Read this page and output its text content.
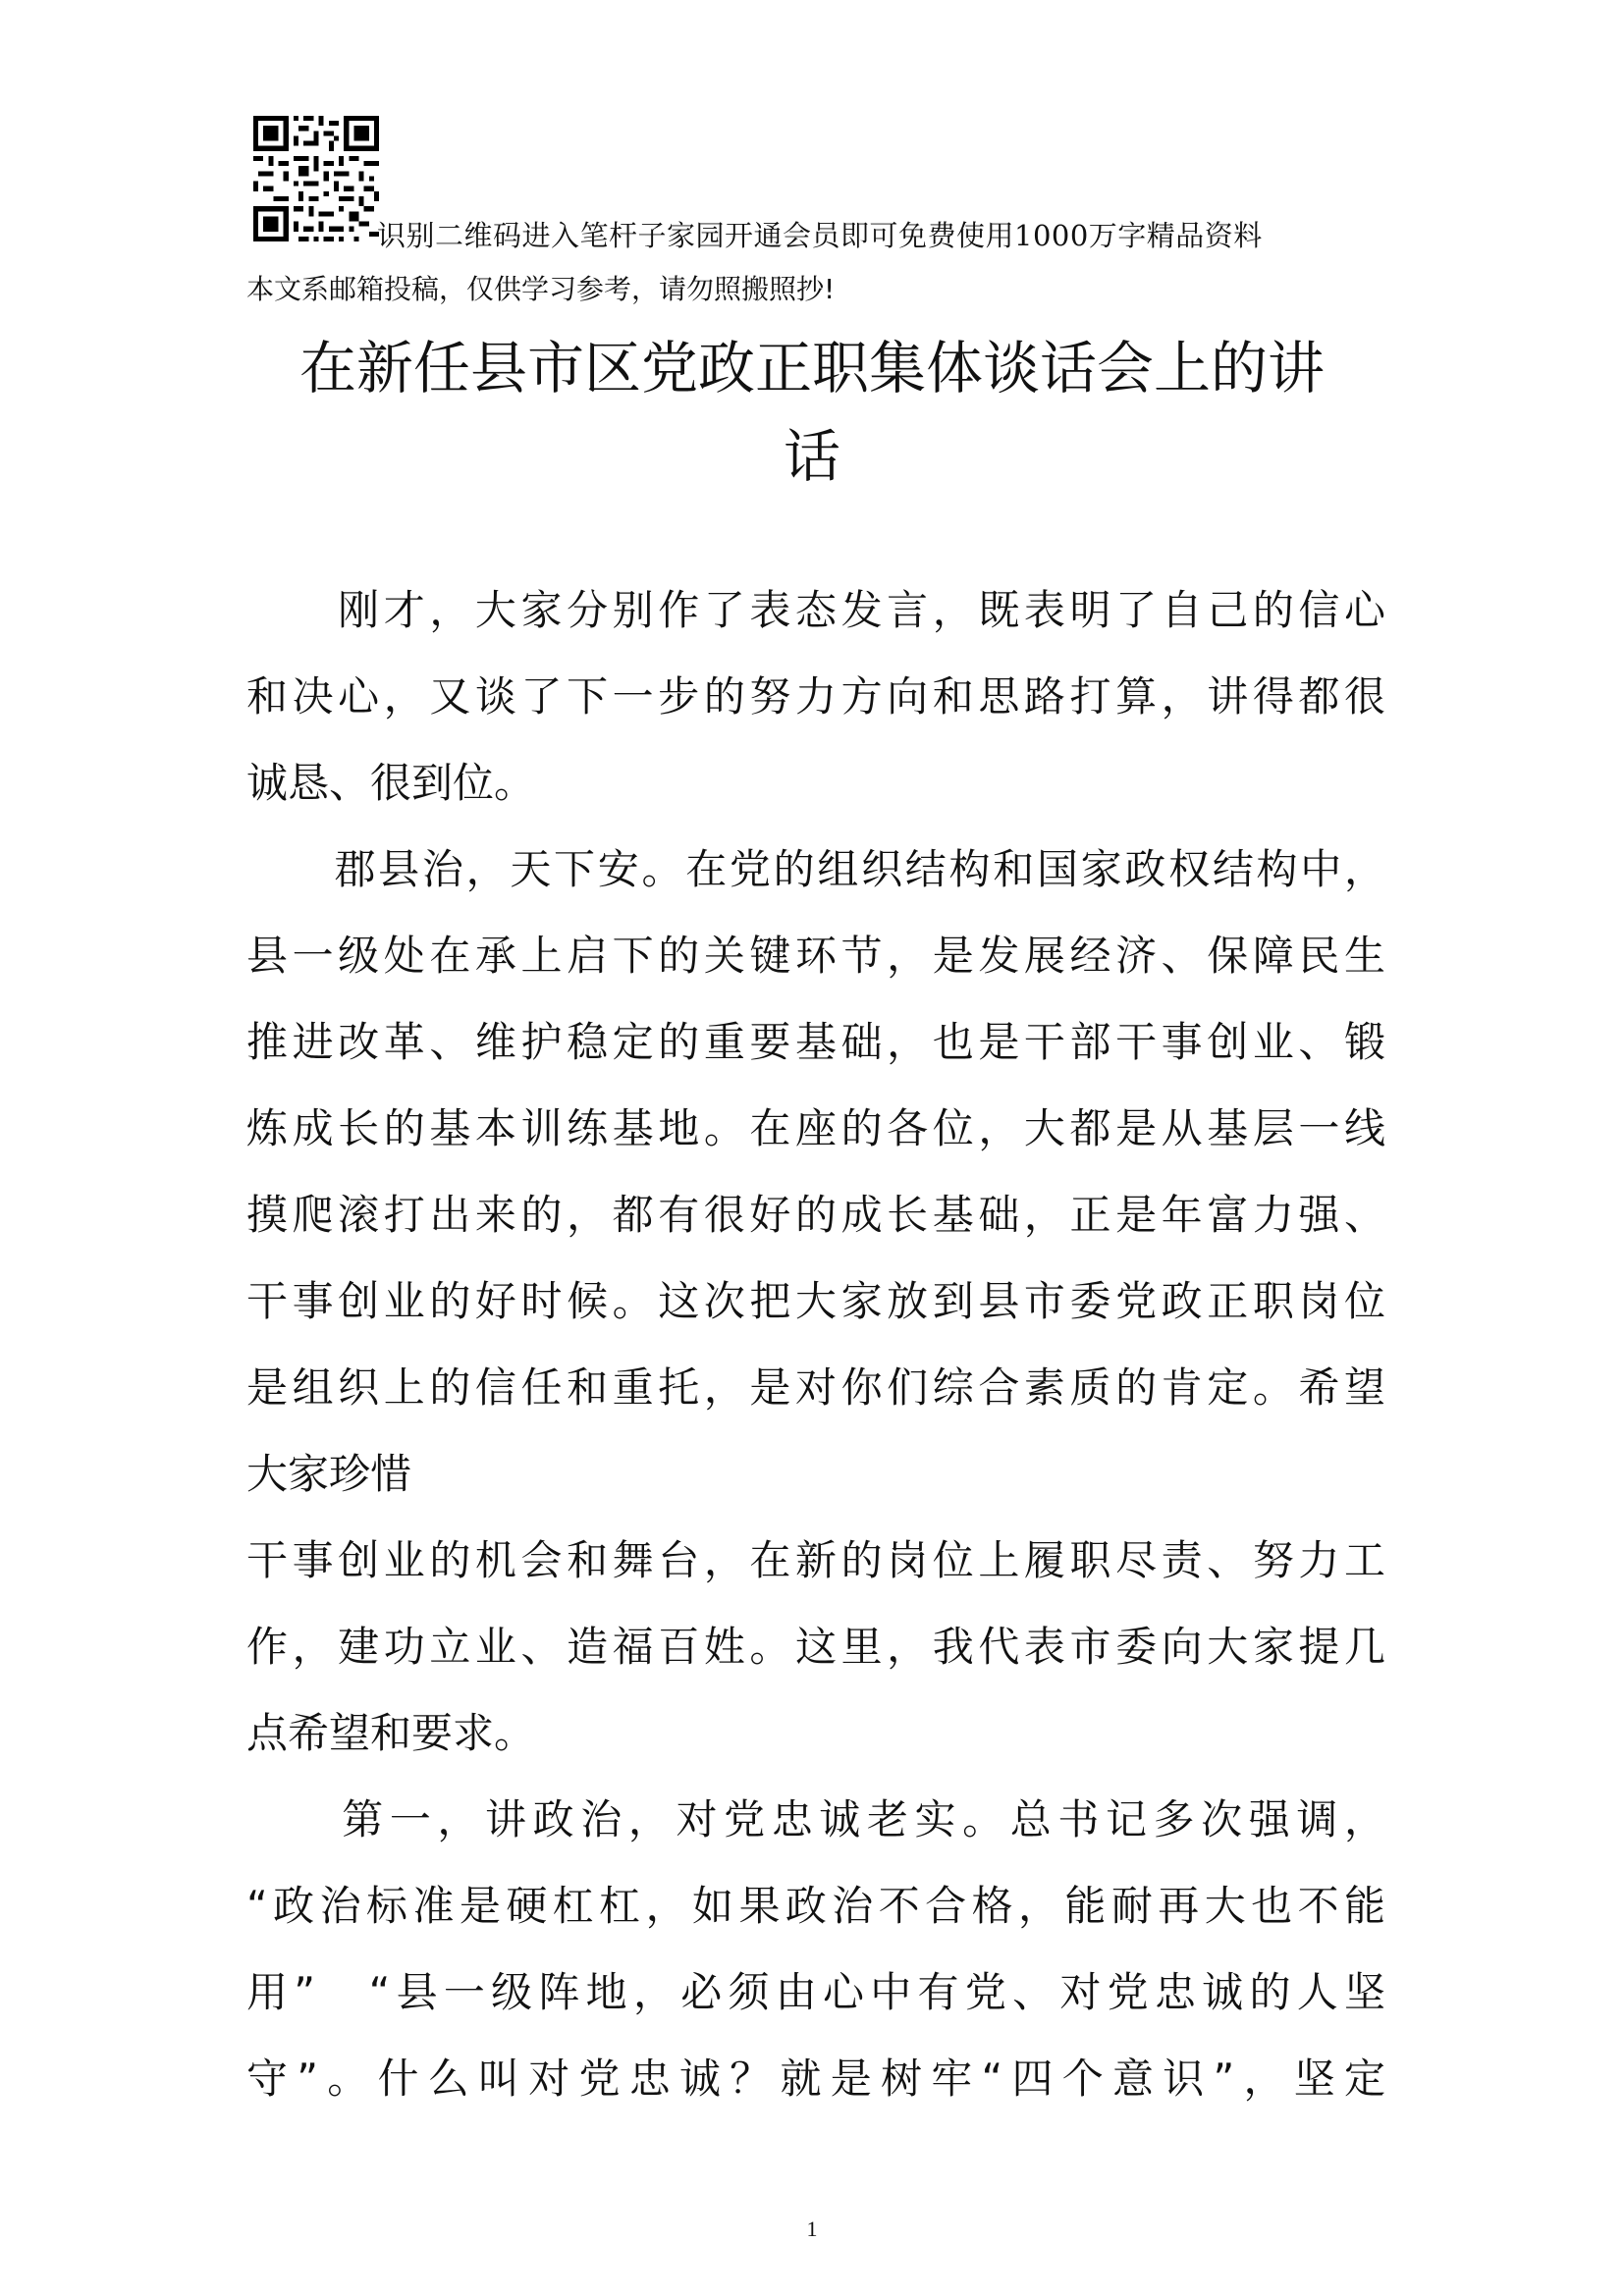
识别二维码进入笔杆子家园开通会员即可免费使用1000万字精品资料
本文系邮箱投稿，仅供学习参考，请勿照搬照抄!
在新任县市区党政正职集体谈话会上的讲
话
　　刚才，大家分别作了表态发言，既表明了自己的信心
和决心，又谈了下一步的努力方向和思路打算，讲得都很
诚恳、很到位。
　　郡县治，天下安。在党的组织结构和国家政权结构中，
县一级处在承上启下的关键环节，是发展经济、保障民生
推进改革、维护稳定的重要基础，也是干部干事创业、锻
炼成长的基本训练基地。在座的各位，大都是从基层一线
摸爬滚打出来的，都有很好的成长基础，正是年富力强、
干事创业的好时候。这次把大家放到县市委党政正职岗位
是组织上的信任和重托，是对你们综合素质的肯定。希望
大家珍惜
干事创业的机会和舞台，在新的岗位上履职尽责、努力工
作，建功立业、造福百姓。这里，我代表市委向大家提几
点希望和要求。
　　第一，讲政治，对党忠诚老实。总书记多次强调，
“政治标准是硬杠杠，如果政治不合格，能耐再大也不能
用”　“县一级阵地，必须由心中有党、对党忠诚的人坚
守”。什么叫对党忠诚？就是树牢“四个意识”，坚定
1
